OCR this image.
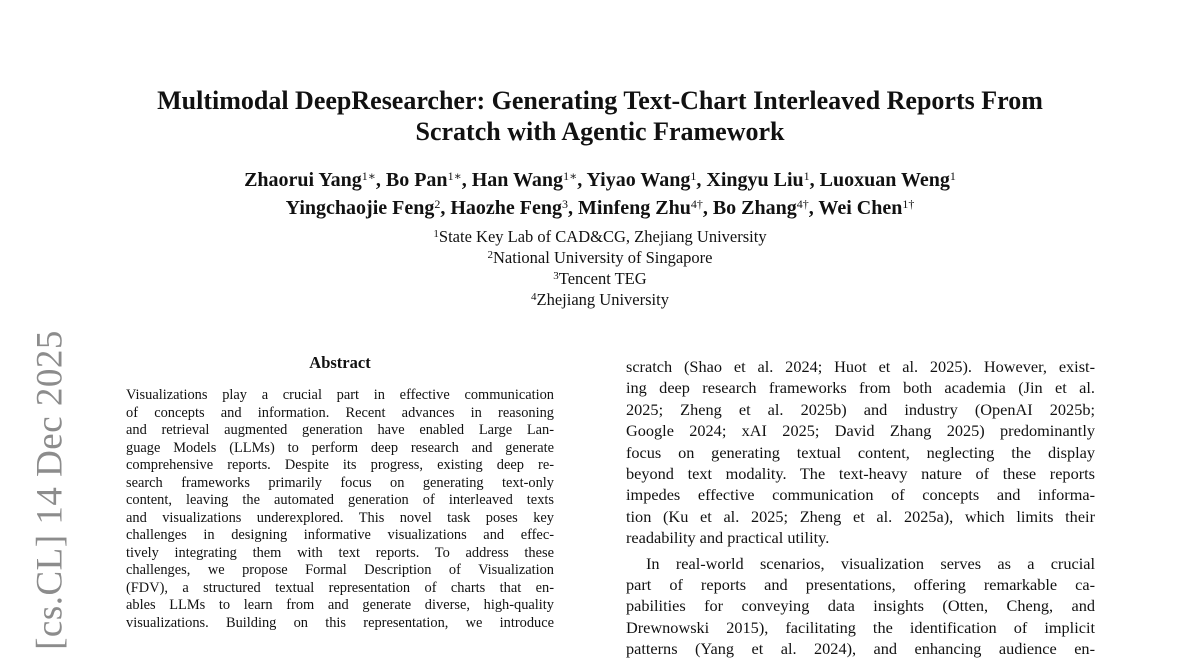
Multimodal DeepResearcher: Generating Text-Chart Interleaved Reports From
Scratch with Agentic Framework
Zhaorui Yang$^{1∗}$, Bo Pan$^{1∗}$, Han Wang$^{1∗}$, Yiyao Wang$^1$, Xingyu Liu$^1$, Luoxuan Weng$^1$
Yingchaojie Feng$^2$, Haozhe Feng$^3$, Minfeng Zhu$^{4\dagger}$, Bo Zhang$^{4\dagger}$, Wei Chen$^{1\dagger}$
$^1$State Key Lab of CAD&CG, Zhejiang University
$^2$National University of Singapore
$^3$Tencent TEG
$^4$Zhejiang University
[cs.CL] 14 Dec 2025	Abstract
Visualizations play a crucial part in effective communication
of concepts and information. Recent advances in reasoning
and retrieval augmented generation have enabled Large Lan-
guage Models (LLMs) to perform deep research and generate
comprehensive reports. Despite its progress, existing deep re-
search frameworks primarily focus on generating text-only
content, leaving the automated generation of interleaved texts
and visualizations underexplored. This novel task poses key
challenges in designing informative visualizations and effec-
tively integrating them with text reports. To address these
challenges, we propose Formal Description of Visualization
(FDV), a structured textual representation of charts that en-
ables LLMs to learn from and generate diverse, high-quality
visualizations. Building on this representation, we introduce
scratch (Shao et al. 2024; Huot et al. 2025). However, exist-
ing deep research frameworks from both academia (Jin et al.
2025; Zheng et al. 2025b) and industry (OpenAI 2025b;
Google 2024; xAI 2025; David Zhang 2025) predominantly
focus on generating textual content, neglecting the display
beyond text modality. The text-heavy nature of these reports
impedes effective communication of concepts and informa-
tion (Ku et al. 2025; Zheng et al. 2025a), which limits their
readability and practical utility.
In real-world scenarios, visualization serves as a crucial
part of reports and presentations, offering remarkable ca-
pabilities for conveying data insights (Otten, Cheng, and
Drewnowski 2015), facilitating the identification of implicit
patterns (Yang et al. 2024), and enhancing audience en-
